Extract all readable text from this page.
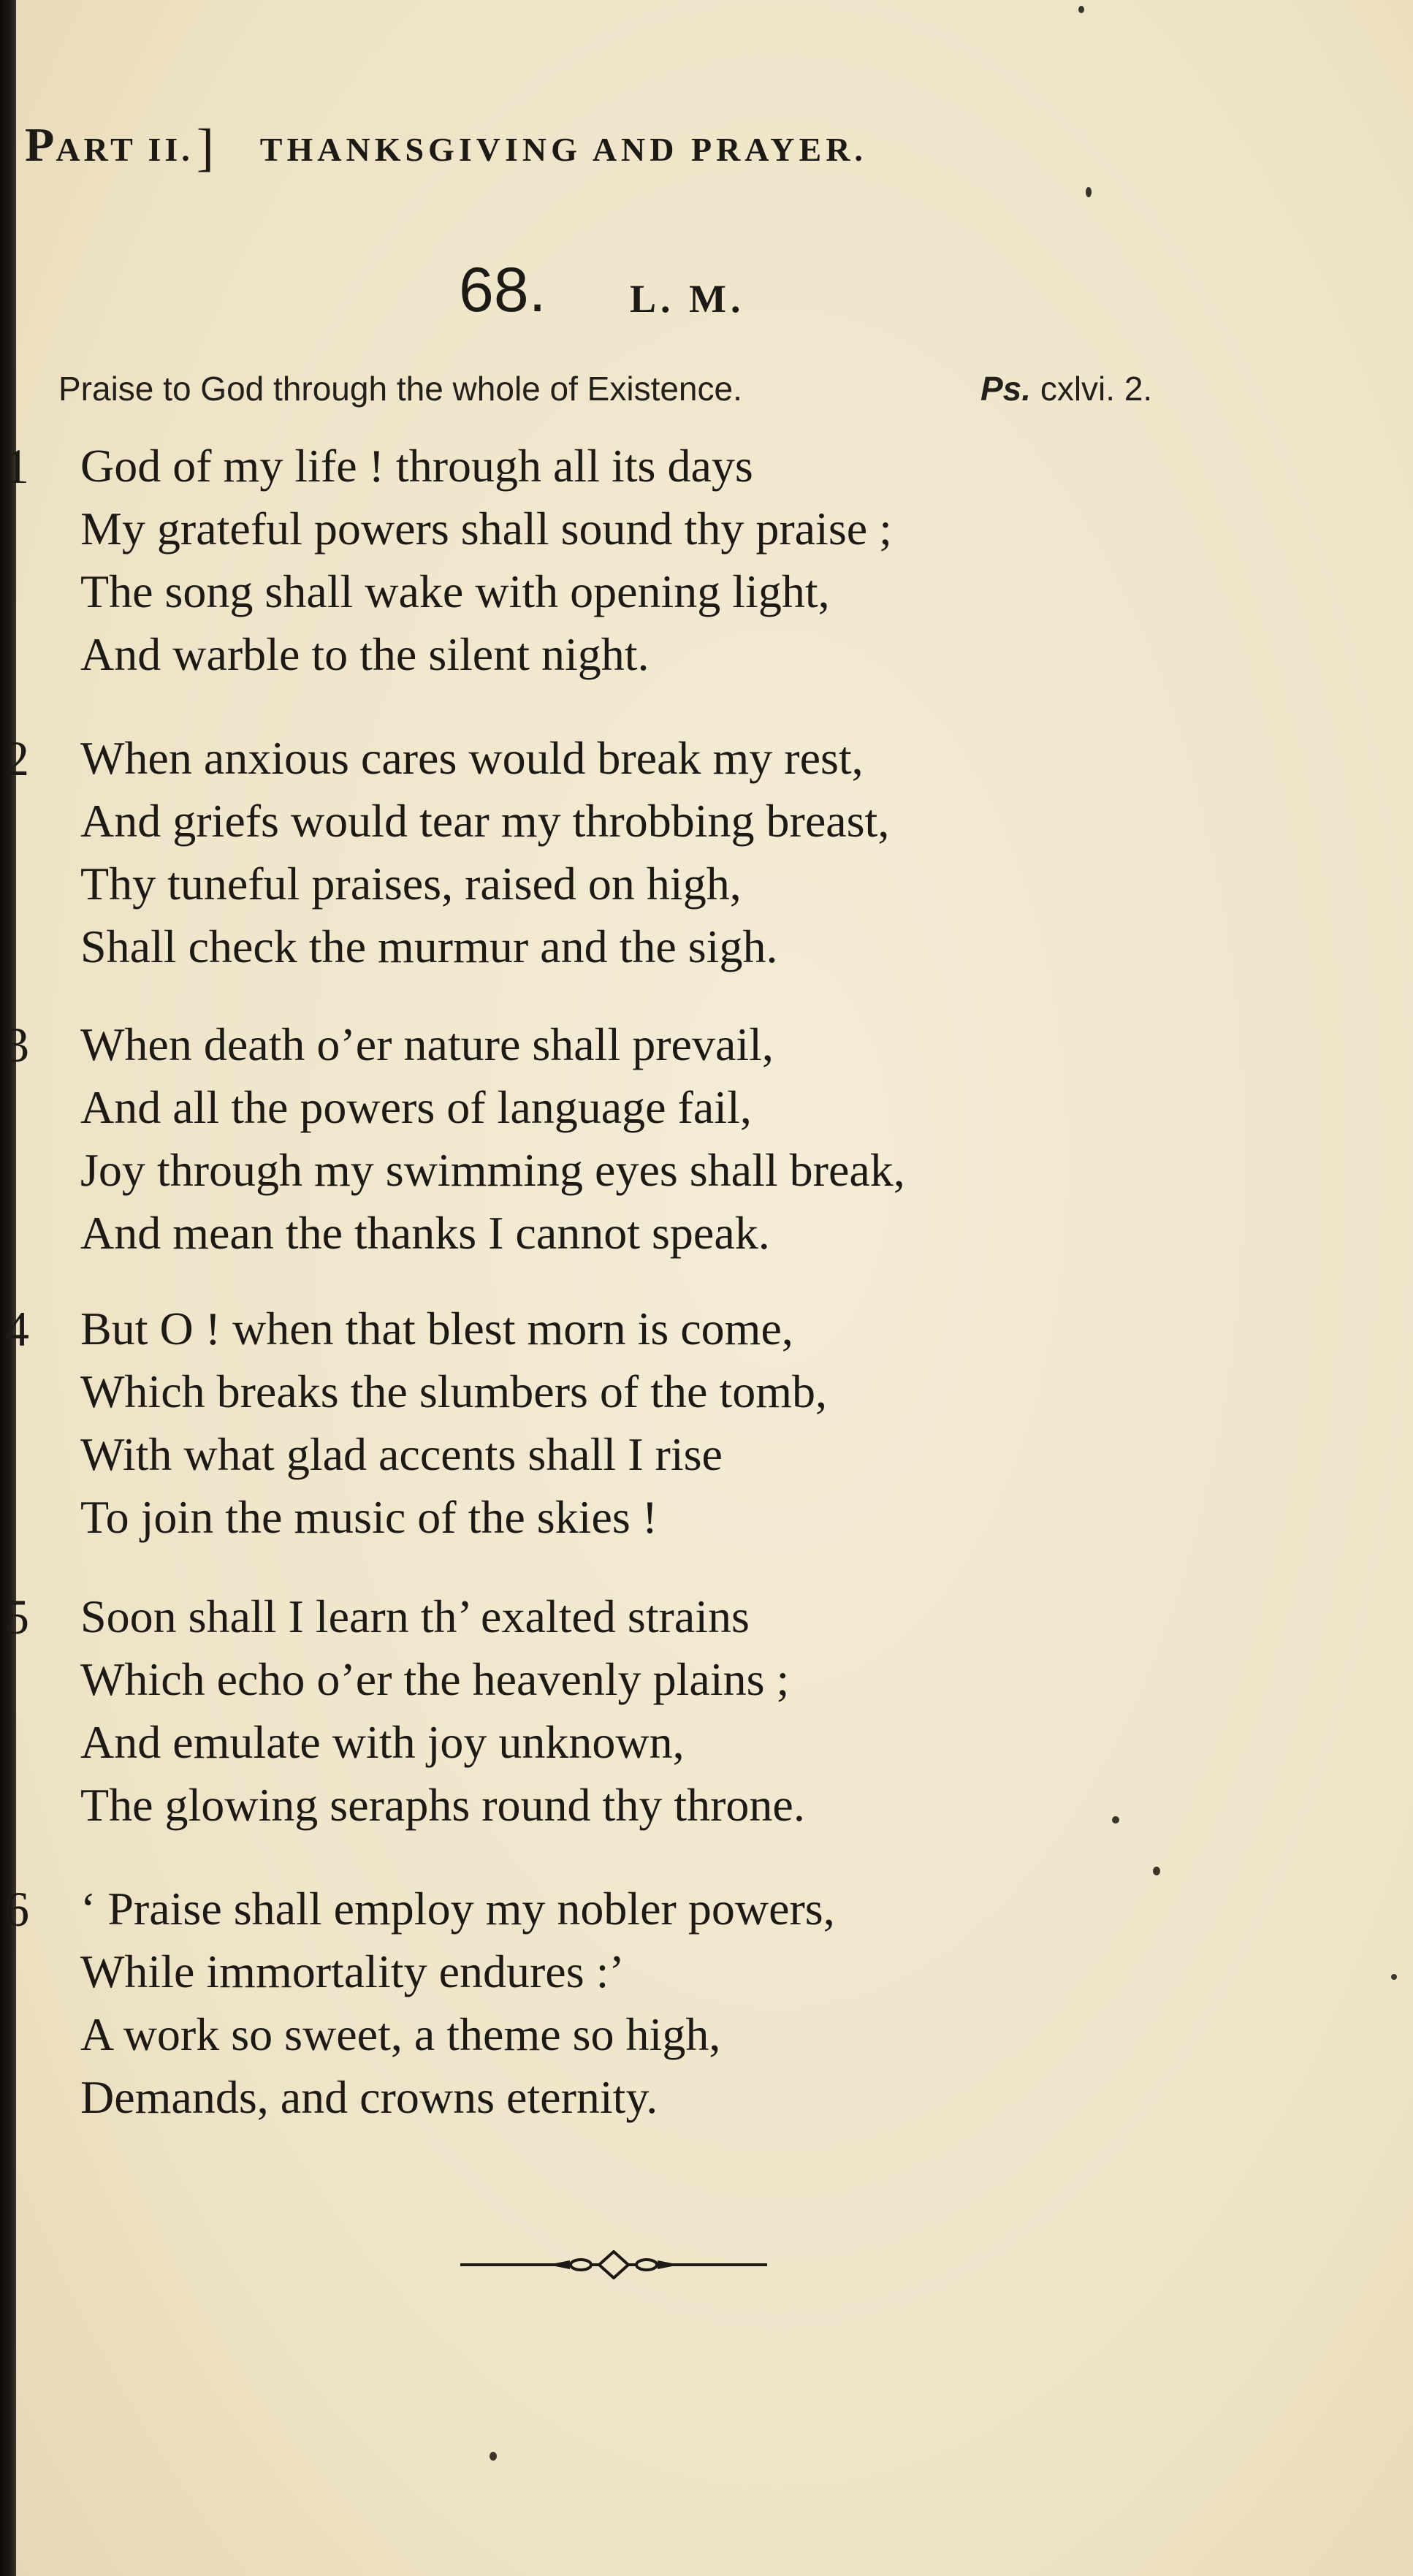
PART II.] THANKSGIVING AND PRAYER.
68. L. M.
Praise to God through the whole of Existence.	Ps. cxlvi. 2.
1 God of my life ! through all its days
My grateful powers shall sound thy praise ;
The song shall wake with opening light,
And warble to the silent night.
2 When anxious cares would break my rest,
And griefs would tear my throbbing breast,
Thy tuneful praises, raised on high,
Shall check the murmur and the sigh.
3 When death o’er nature shall prevail,
And all the powers of language fail,
Joy through my swimming eyes shall break,
And mean the thanks I cannot speak.
4 But O ! when that blest morn is come,
Which breaks the slumbers of the tomb,
With what glad accents shall I rise
To join the music of the skies !
5 Soon shall I learn th’ exalted strains
Which echo o’er the heavenly plains ;
And emulate with joy unknown,
The glowing seraphs round thy throne.
6 ‘ Praise shall employ my nobler powers,
While immortality endures :’
A work so sweet, a theme so high,
Demands, and crowns eternity.
